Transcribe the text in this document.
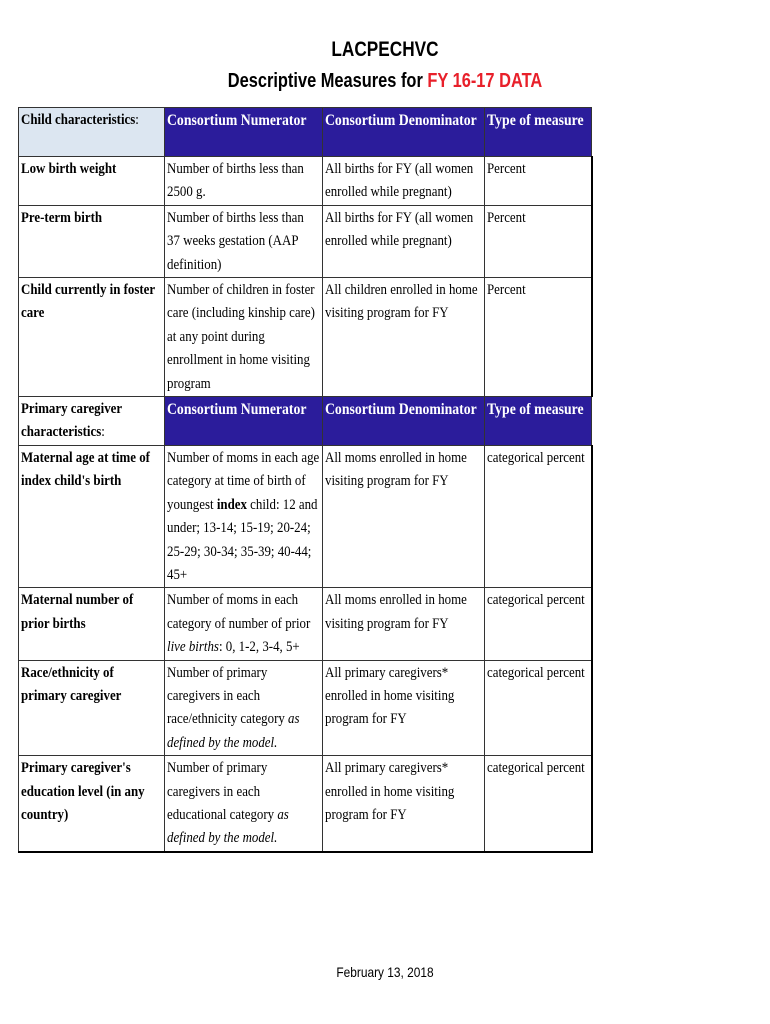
LACPECHVC
Descriptive Measures for FY 16-17 DATA
Child characteristics:	Consortium Numerator	Consortium Denominator	Type of measure
Low birth weight	Number of births less than 2500 g.	All births for FY (all women enrolled while pregnant)	Percent
Pre-term birth	Number of births less than 37 weeks gestation (AAP definition)	All births for FY (all women enrolled while pregnant)	Percent
Child currently in foster care	Number of children in foster care (including kinship care) at any point during enrollment in home visiting program	All children enrolled in home visiting program for FY	Percent
Primary caregiver characteristics:	Consortium Numerator	Consortium Denominator	Type of measure
Maternal age at time of index child's birth	Number of moms in each age category at time of birth of youngest index child: 12 and under; 13-14; 15-19; 20-24; 25-29; 30-34; 35-39; 40-44; 45+	All moms enrolled in home visiting program for FY	categorical percent
Maternal number of prior births	Number of moms in each category of number of prior live births: 0, 1-2, 3-4, 5+	All moms enrolled in home visiting program for FY	categorical percent
Race/ethnicity of primary caregiver	Number of primary caregivers in each race/ethnicity category as defined by the model.	All primary caregivers* enrolled in home visiting program for FY	categorical percent
Primary caregiver's education level (in any country)	Number of primary caregivers in each educational category as defined by the model.	All primary caregivers* enrolled in home visiting program for FY	categorical percent
February 13, 2018
